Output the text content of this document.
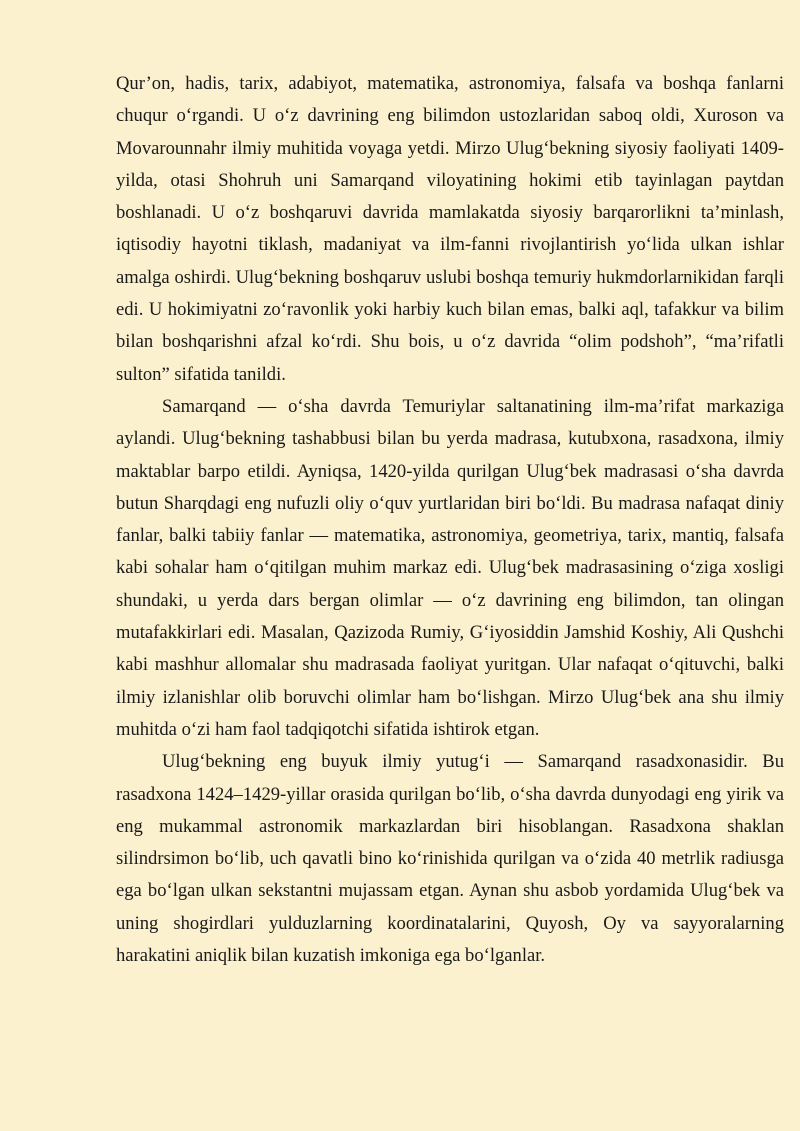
Qur’on, hadis, tarix, adabiyot, matematika, astronomiya, falsafa va boshqa fanlarni chuqur o‘rgandi. U o‘z davrining eng bilimdon ustozlaridan saboq oldi, Xuroson va Movarounnahr ilmiy muhitida voyaga yetdi. Mirzo Ulug‘bekning siyosiy faoliyati 1409-yilda, otasi Shohruh uni Samarqand viloyatining hokimi etib tayinlagan paytdan boshlanadi. U o‘z boshqaruvi davrida mamlakatda siyosiy barqarorlikni ta’minlash, iqtisodiy hayotni tiklash, madaniyat va ilm-fanni rivojlantirish yo‘lida ulkan ishlar amalga oshirdi. Ulug‘bekning boshqaruv uslubi boshqa temuriy hukmdorlarnikidan farqli edi. U hokimiyatni zo‘ravonlik yoki harbiy kuch bilan emas, balki aql, tafakkur va bilim bilan boshqarishni afzal ko‘rdi. Shu bois, u o‘z davrida “olim podshoh”, “ma’rifatli sulton” sifatida tanildi.

Samarqand — o‘sha davrda Temuriylar saltanatining ilm-ma’rifat markaziga aylandi. Ulug‘bekning tashabbusi bilan bu yerda madrasa, kutubxona, rasadxona, ilmiy maktablar barpo etildi. Ayniqsa, 1420-yilda qurilgan Ulug‘bek madrasasi o‘sha davrda butun Sharqdagi eng nufuzli oliy o‘quv yurtlaridan biri bo‘ldi. Bu madrasa nafaqat diniy fanlar, balki tabiiy fanlar — matematika, astronomiya, geometriya, tarix, mantiq, falsafa kabi sohalar ham o‘qitilgan muhim markaz edi. Ulug‘bek madrasasining o‘ziga xosligi shundaki, u yerda dars bergan olimlar — o‘z davrining eng bilimdon, tan olingan mutafakkirlari edi. Masalan, Qazizoda Rumiy, G‘iyosiddin Jamshid Koshiy, Ali Qushchi kabi mashhur allomalar shu madrasada faoliyat yuritgan. Ular nafaqat o‘qituvchi, balki ilmiy izlanishlar olib boruvchi olimlar ham bo‘lishgan. Mirzo Ulug‘bek ana shu ilmiy muhitda o‘zi ham faol tadqiqotchi sifatida ishtirok etgan.

Ulug‘bekning eng buyuk ilmiy yutug‘i — Samarqand rasadxonasidir. Bu rasadxona 1424–1429-yillar orasida qurilgan bo‘lib, o‘sha davrda dunyodagi eng yirik va eng mukammal astronomik markazlardan biri hisoblangan. Rasadxona shaklan silindrsimon bo‘lib, uch qavatli bino ko‘rinishida qurilgan va o‘zida 40 metrlik radiusga ega bo‘lgan ulkan sekstantni mujassam etgan. Aynan shu asbob yordamida Ulug‘bek va uning shogirdlari yulduzlarning koordinatalarini, Quyosh, Oy va sayyoralarning harakatini aniqlik bilan kuzatish imkoniga ega bo‘lganlar.
